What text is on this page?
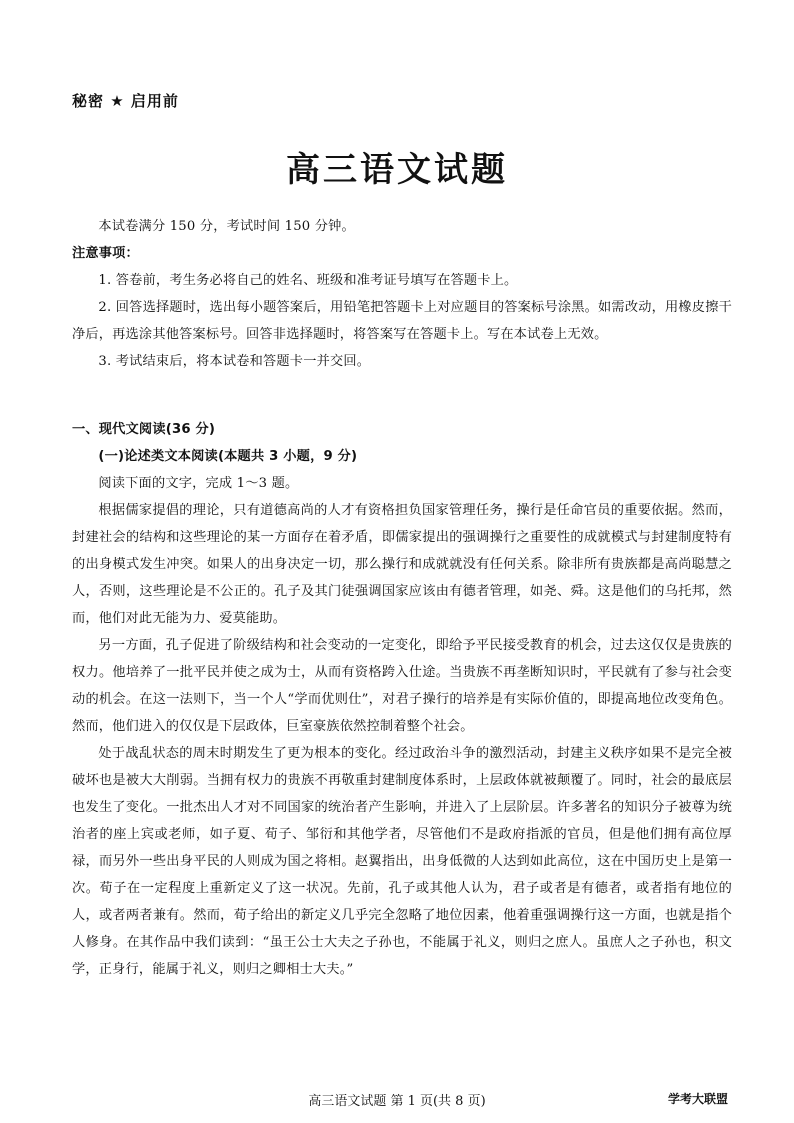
秘密 ★ 启用前
高三语文试题

本试卷满分 150 分，考试时间 150 分钟。

注意事项：

1. 答卷前，考生务必将自己的姓名、班级和准考证号填写在答题卡上。

2. 回答选择题时，选出每小题答案后，用铅笔把答题卡上对应题目的答案标号涂黑。如需改动，用橡皮擦干净后，再选涂其他答案标号。回答非选择题时，将答案写在答题卡上。写在本试卷上无效。

3. 考试结束后，将本试卷和答题卡一并交回。

一、现代文阅读(36 分)

(一)论述类文本阅读(本题共 3 小题，9 分)

阅读下面的文字，完成 1～3 题。

根据儒家提倡的理论，只有道德高尚的人才有资格担负国家管理任务，操行是任命官员的重要依据。然而，封建社会的结构和这些理论的某一方面存在着矛盾，即儒家提出的强调操行之重要性的成就模式与封建制度特有的出身模式发生冲突。如果人的出身决定一切，那么操行和成就就没有任何关系。除非所有贵族都是高尚聪慧之人，否则，这些理论是不公正的。孔子及其门徒强调国家应该由有德者管理，如尧、舜。这是他们的乌托邦，然而，他们对此无能为力、爱莫能助。

另一方面，孔子促进了阶级结构和社会变动的一定变化，即给予平民接受教育的机会，过去这仅仅是贵族的权力。他培养了一批平民并使之成为士，从而有资格跨入仕途。当贵族不再垄断知识时，平民就有了参与社会变动的机会。在这一法则下，当一个人“学而优则仕”，对君子操行的培养是有实际价值的，即提高地位改变角色。然而，他们进入的仅仅是下层政体，巨室豪族依然控制着整个社会。

处于战乱状态的周末时期发生了更为根本的变化。经过政治斗争的激烈活动，封建主义秩序如果不是完全被破坏也是被大大削弱。当拥有权力的贵族不再敬重封建制度体系时，上层政体就被颠覆了。同时，社会的最底层也发生了变化。一批杰出人才对不同国家的统治者产生影响，并进入了上层阶层。许多著名的知识分子被尊为统治者的座上宾或老师，如子夏、荀子、邹衍和其他学者，尽管他们不是政府指派的官员，但是他们拥有高位厚禄，而另外一些出身平民的人则成为国之将相。赵翼指出，出身低微的人达到如此高位，这在中国历史上是第一次。荀子在一定程度上重新定义了这一状况。先前，孔子或其他人认为，君子或者是有德者，或者指有地位的人，或者两者兼有。然而，荀子给出的新定义几乎完全忽略了地位因素，他着重强调操行这一方面，也就是指个人修身。在其作品中我们读到：“虽王公士大夫之子孙也，不能属于礼义，则归之庶人。虽庶人之子孙也，积文学，正身行，能属于礼义，则归之卿相士大夫。”

高三语文试题 第 1 页(共 8 页)	学考大联盟
